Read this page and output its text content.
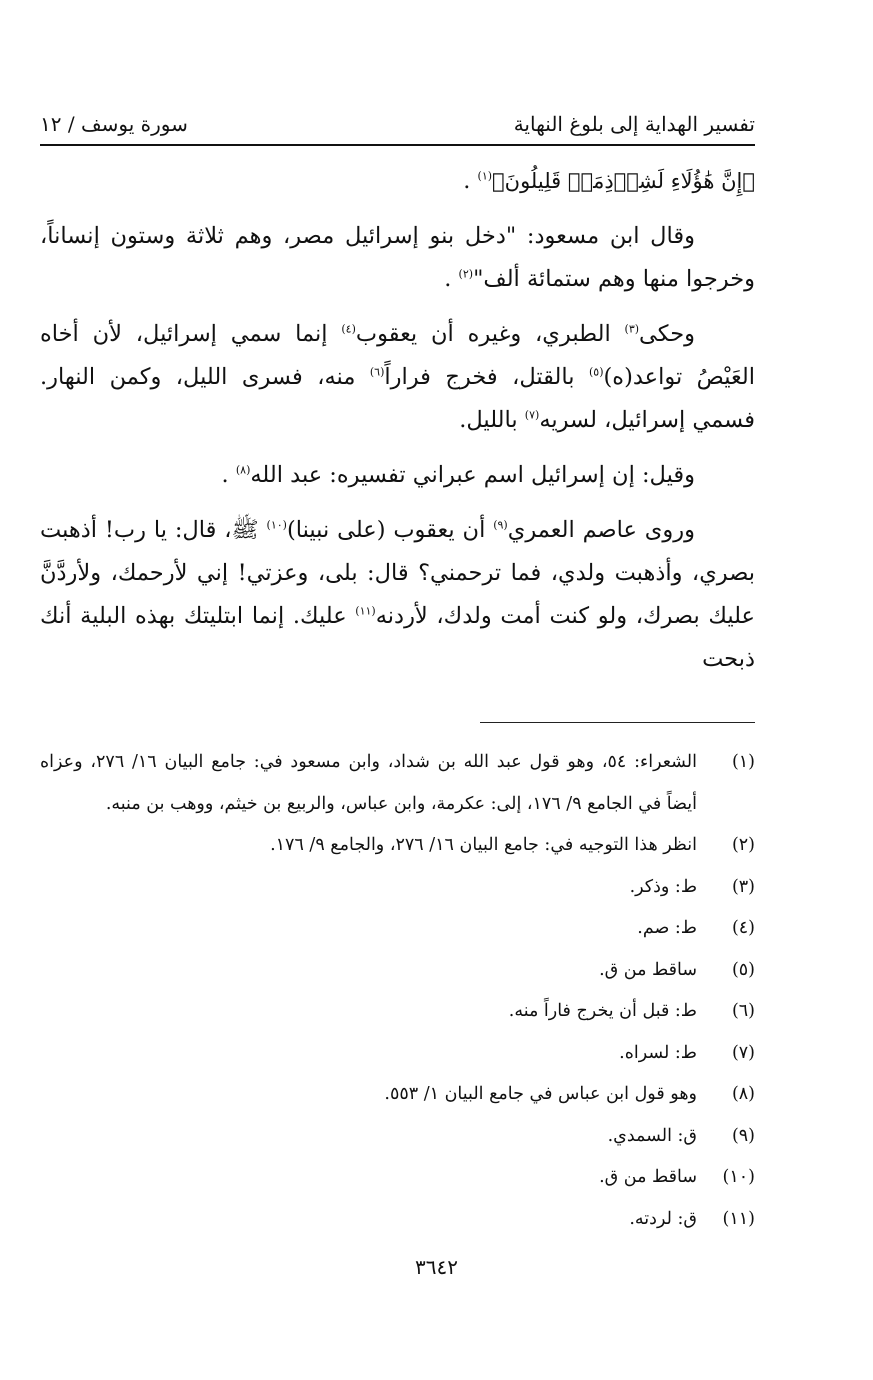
تفسير الهداية إلى بلوغ النهاية
سورة يوسف / ١٢

﴿إِنَّ هَٰؤُلَاءِ لَشِرۡذِمَةٞ قَلِيلُونَ﴾$^{(١)}$ .

وقال ابن مسعود: "دخل بنو إسرائيل مصر، وهم ثلاثة وستون إنساناً، وخرجوا منها وهم ستمائة ألف"$^{(٢)}$ .

وحكى$^{(٣)}$ الطبري، وغيره أن يعقوب$^{(٤)}$ إنما سمي إسرائيل، لأن أخاه العَيْصُ تواعد(ه)$^{(٥)}$ بالقتل، فخرج فراراً$^{(٦)}$ منه، فسرى الليل، وكمن النهار. فسمي إسرائيل، لسريه$^{(٧)}$ بالليل.

وقيل: إن إسرائيل اسم عبراني تفسيره: عبد الله$^{(٨)}$ .

وروى عاصم العمري$^{(٩)}$ أن يعقوب (على نبينا)$^{(١٠)}$ ﷺ، قال: يا رب! أذهبت بصري، وأذهبت ولدي، فما ترحمني؟ قال: بلى، وعزتي! إني لأرحمك، ولأردَّنَّ عليك بصرك، ولو كنت أمت ولدك، لأردنه$^{(١١)}$ عليك. إنما ابتليتك بهذه البلية أنك ذبحت

(١)
الشعراء: ٥٤، وهو قول عبد الله بن شداد، وابن مسعود في: جامع البيان ١٦/ ٢٧٦، وعزاه أيضاً في الجامع ٩/ ١٧٦، إلى: عكرمة، وابن عباس، والربيع بن خيثم، ووهب بن منبه.
(٢)
انظر هذا التوجيه في: جامع البيان ١٦/ ٢٧٦، والجامع ٩/ ١٧٦.
(٣)
ط: وذكر.
(٤)
ط: صم.
(٥)
ساقط من ق.
(٦)
ط: قبل أن يخرج فاراً منه.
(٧)
ط: لسراه.
(٨)
وهو قول ابن عباس في جامع البيان ١/ ٥٥٣.
(٩)
ق: السمدي.
(١٠)
ساقط من ق.
(١١)
ق: لردته.
٣٦٤٢
